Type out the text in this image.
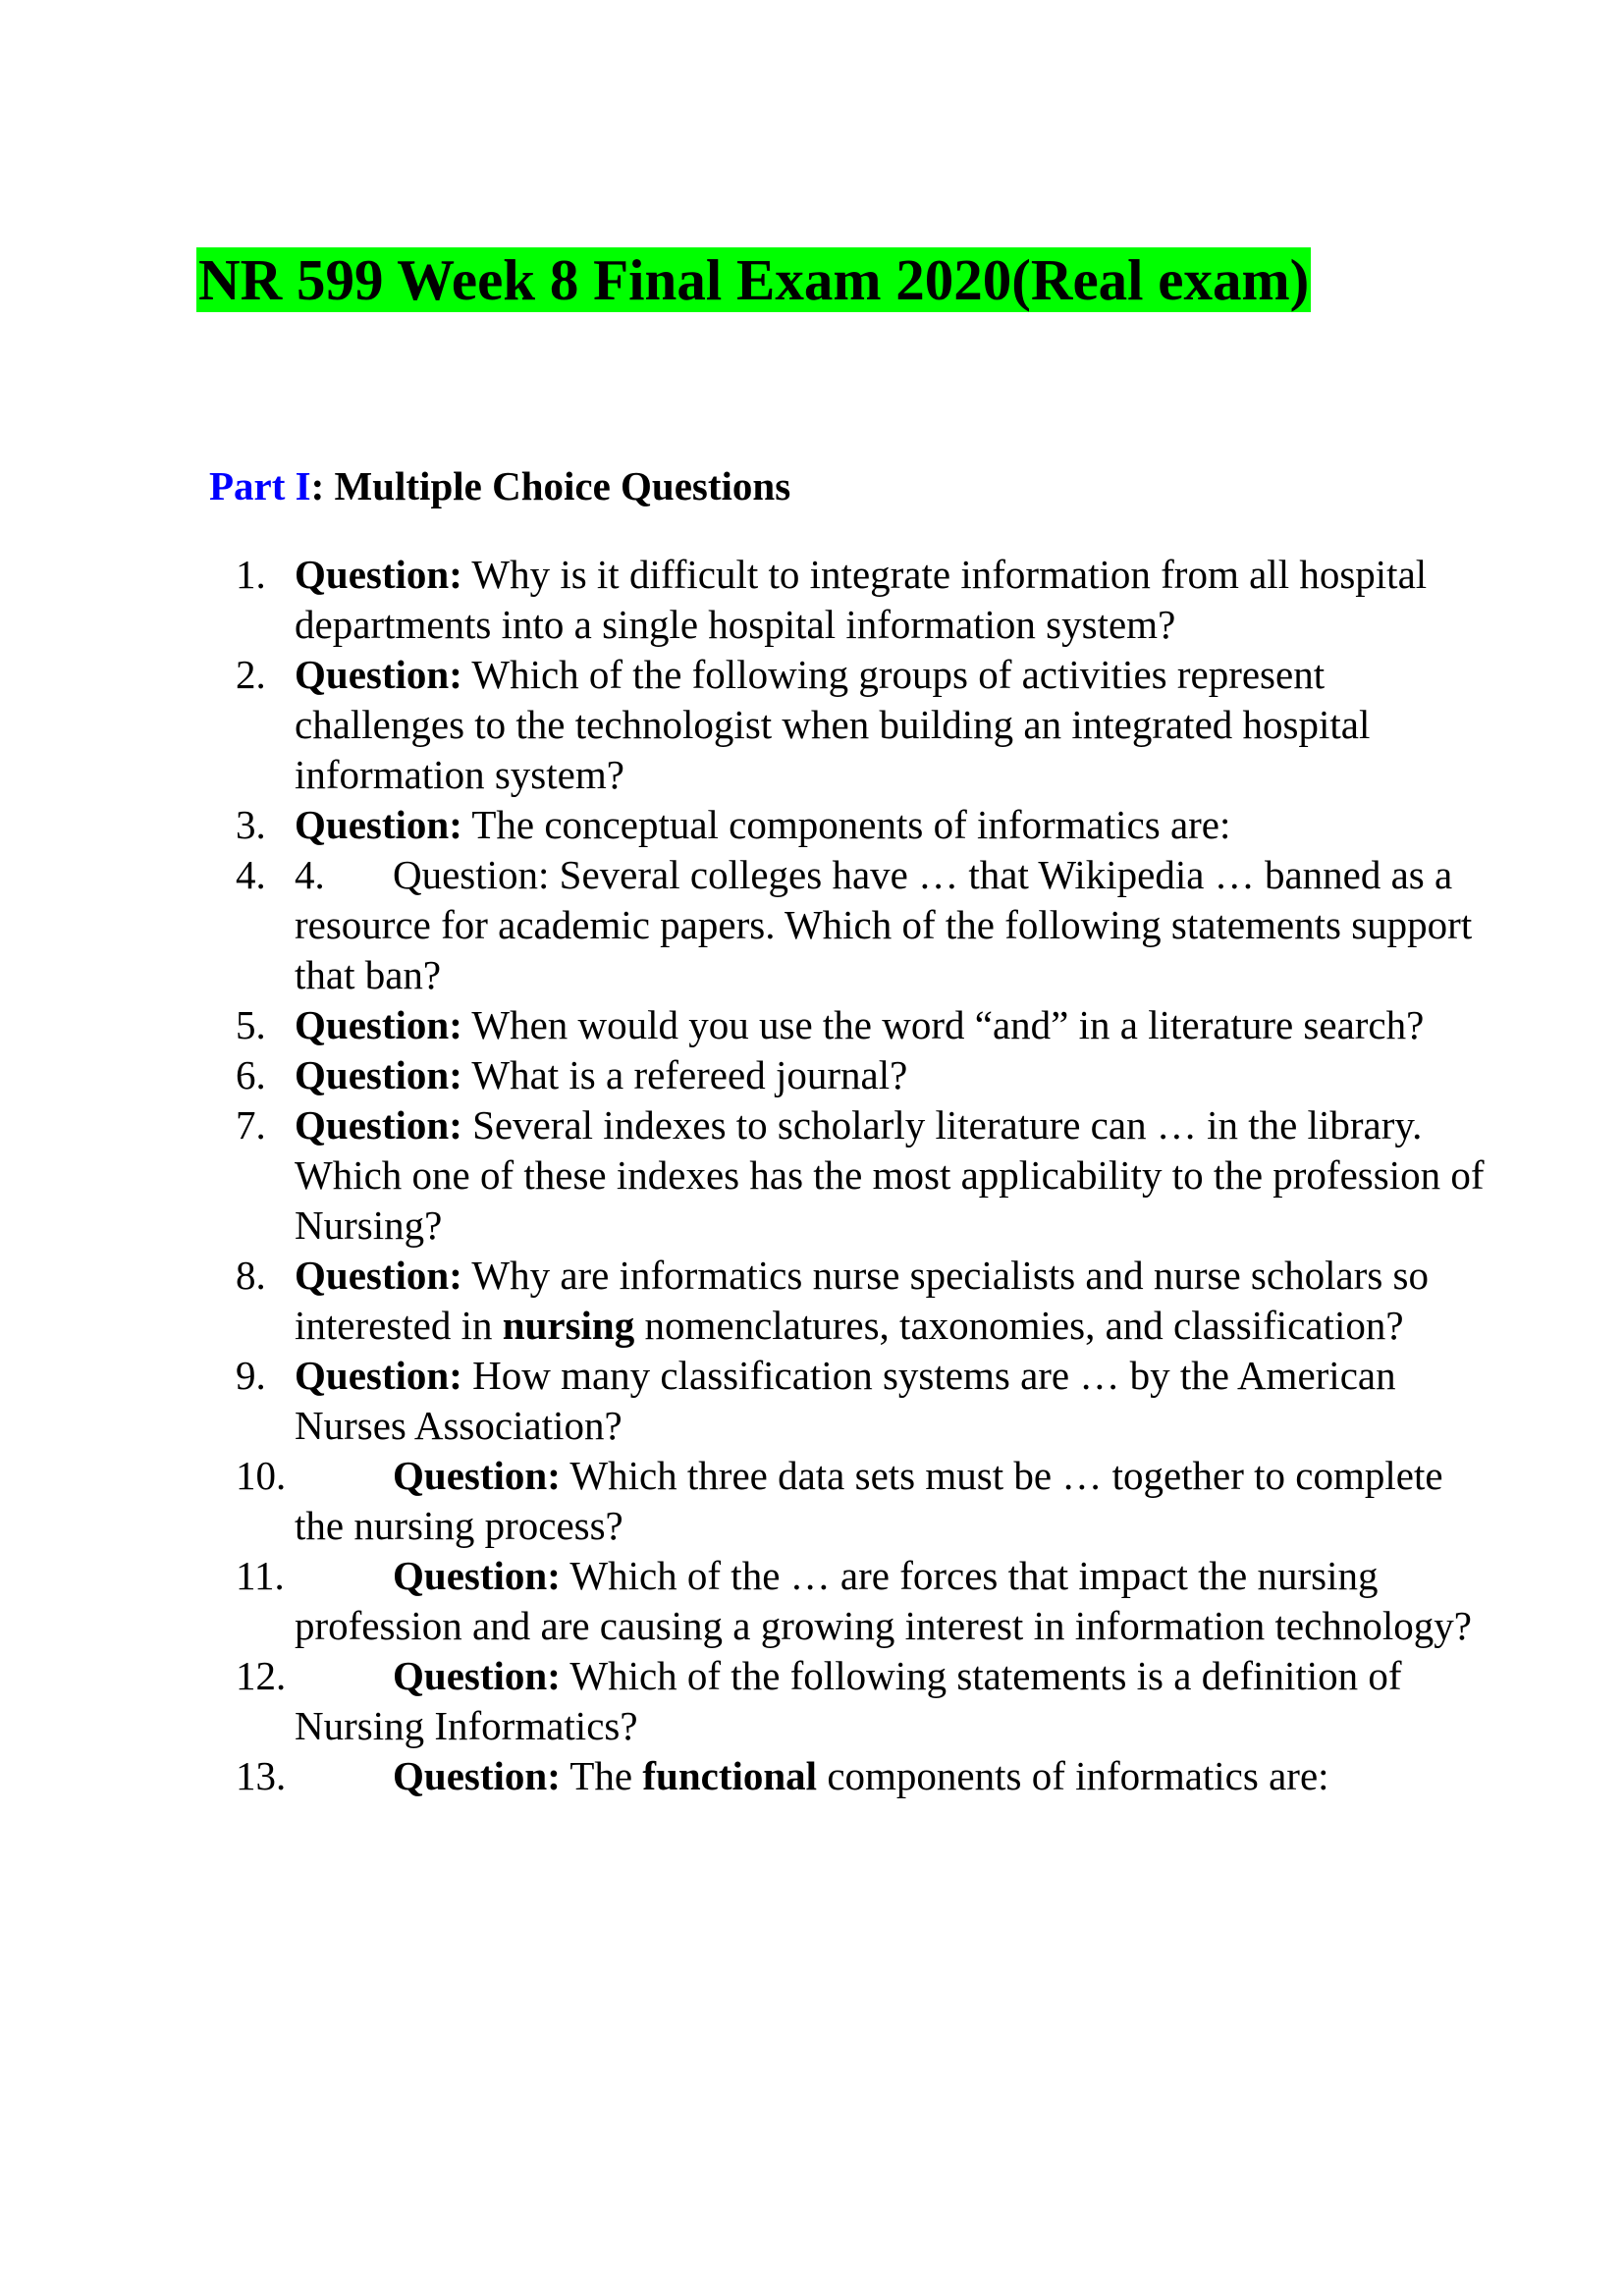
NR 599 Week 8 Final Exam 2020(Real exam)
Part I: Multiple Choice Questions
1. Question: Why is it difficult to integrate information from all hospital departments into a single hospital information system?
2. Question: Which of the following groups of activities represent challenges to the technologist when building an integrated hospital information system?
3. Question: The conceptual components of informatics are:
4. 4. Question: Several colleges have … that Wikipedia … banned as a resource for academic papers. Which of the following statements support that ban?
5. Question: When would you use the word “and” in a literature search?
6. Question: What is a refereed journal?
7. Question: Several indexes to scholarly literature can … in the library. Which one of these indexes has the most applicability to the profession of Nursing?
8. Question: Why are informatics nurse specialists and nurse scholars so interested in nursing nomenclatures, taxonomies, and classification?
9. Question: How many classification systems are … by the American Nurses Association?
10.	Question: Which three data sets must be … together to complete the nursing process?
11.	Question: Which of the … are forces that impact the nursing profession and are causing a growing interest in information technology?
12.	Question: Which of the following statements is a definition of Nursing Informatics?
13.	Question: The functional components of informatics are:
